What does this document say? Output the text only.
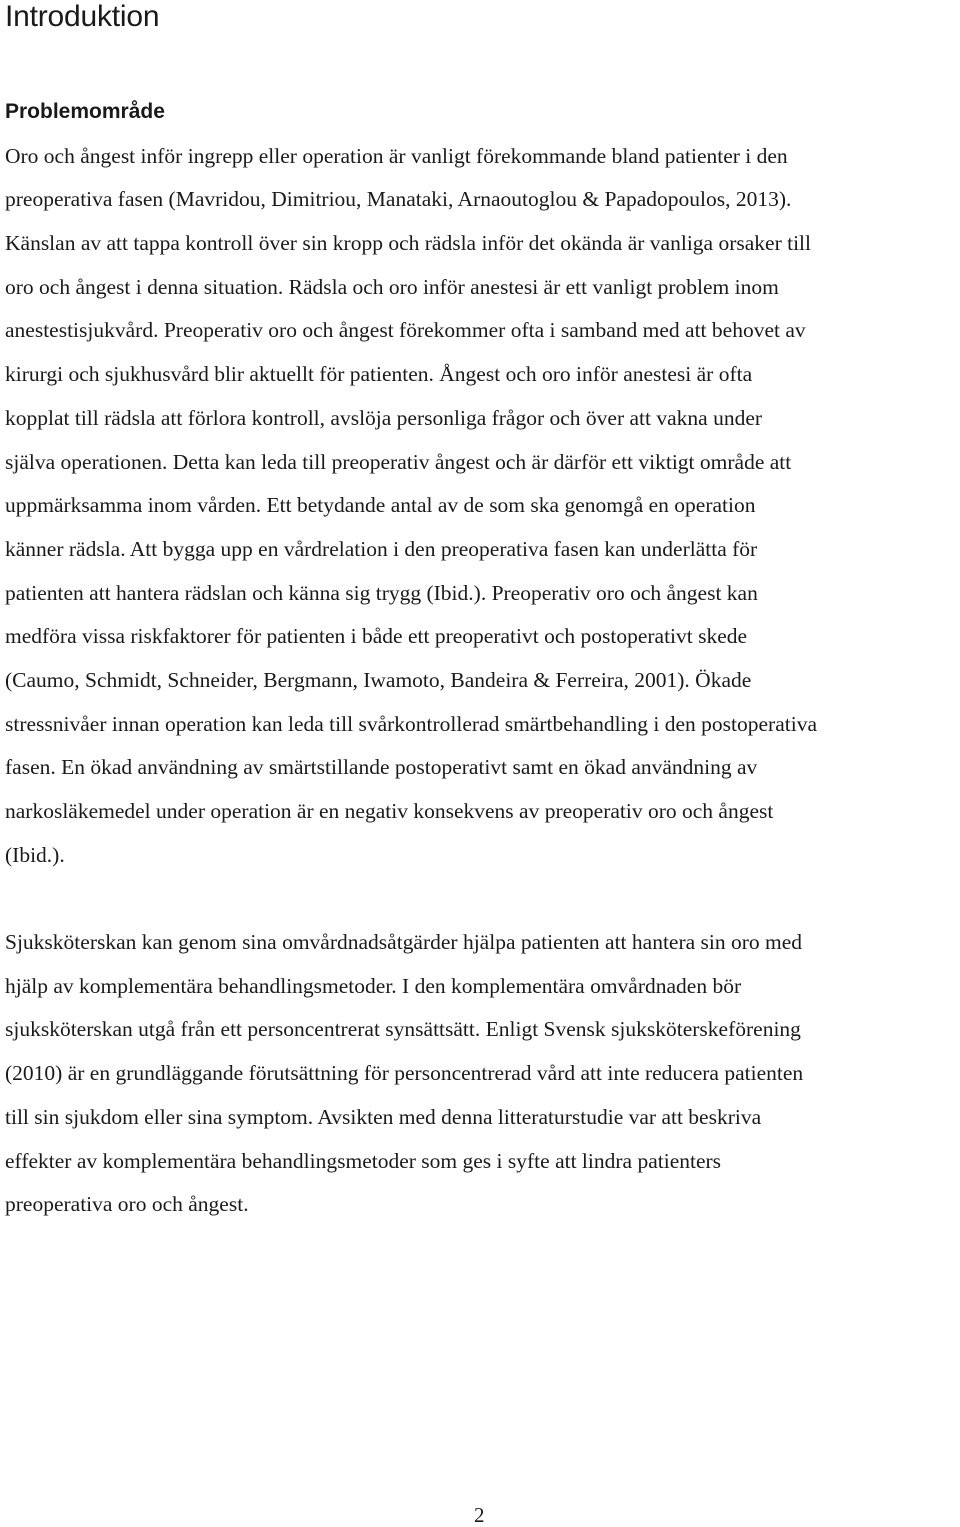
Introduktion
Problemområde

Oro och ångest inför ingrepp eller operation är vanligt förekommande bland patienter i den

preoperativa fasen (Mavridou, Dimitriou, Manataki, Arnaoutoglou & Papadopoulos, 2013).

Känslan av att tappa kontroll över sin kropp och rädsla inför det okända är vanliga orsaker till

oro och ångest i denna situation. Rädsla och oro inför anestesi är ett vanligt problem inom

anestestisjukvård. Preoperativ oro och ångest förekommer ofta i samband med att behovet av

kirurgi och sjukhusvård blir aktuellt för patienten. Ångest och oro inför anestesi är ofta

kopplat till rädsla att förlora kontroll, avslöja personliga frågor och över att vakna under

själva operationen. Detta kan leda till preoperativ ångest och är därför ett viktigt område att

uppmärksamma inom vården. Ett betydande antal av de som ska genomgå en operation

känner rädsla. Att bygga upp en vårdrelation i den preoperativa fasen kan underlätta för

patienten att hantera rädslan och känna sig trygg (Ibid.). Preoperativ oro och ångest kan

medföra vissa riskfaktorer för patienten i både ett preoperativt och postoperativt skede

(Caumo, Schmidt, Schneider, Bergmann, Iwamoto, Bandeira & Ferreira, 2001). Ökade

stressnivåer innan operation kan leda till svårkontrollerad smärtbehandling i den postoperativa

fasen. En ökad användning av smärtstillande postoperativt samt en ökad användning av

narkosläkemedel under operation är en negativ konsekvens av preoperativ oro och ångest

(Ibid.).

Sjuksköterskan kan genom sina omvårdnadsåtgärder hjälpa patienten att hantera sin oro med

hjälp av komplementära behandlingsmetoder. I den komplementära omvårdnaden bör

sjuksköterskan utgå från ett personcentrerat synsättsätt. Enligt Svensk sjuksköterskeförening

(2010) är en grundläggande förutsättning för personcentrerad vård att inte reducera patienten

till sin sjukdom eller sina symptom. Avsikten med denna litteraturstudie var att beskriva

effekter av komplementära behandlingsmetoder som ges i syfte att lindra patienters

preoperativa oro och ångest.

2
